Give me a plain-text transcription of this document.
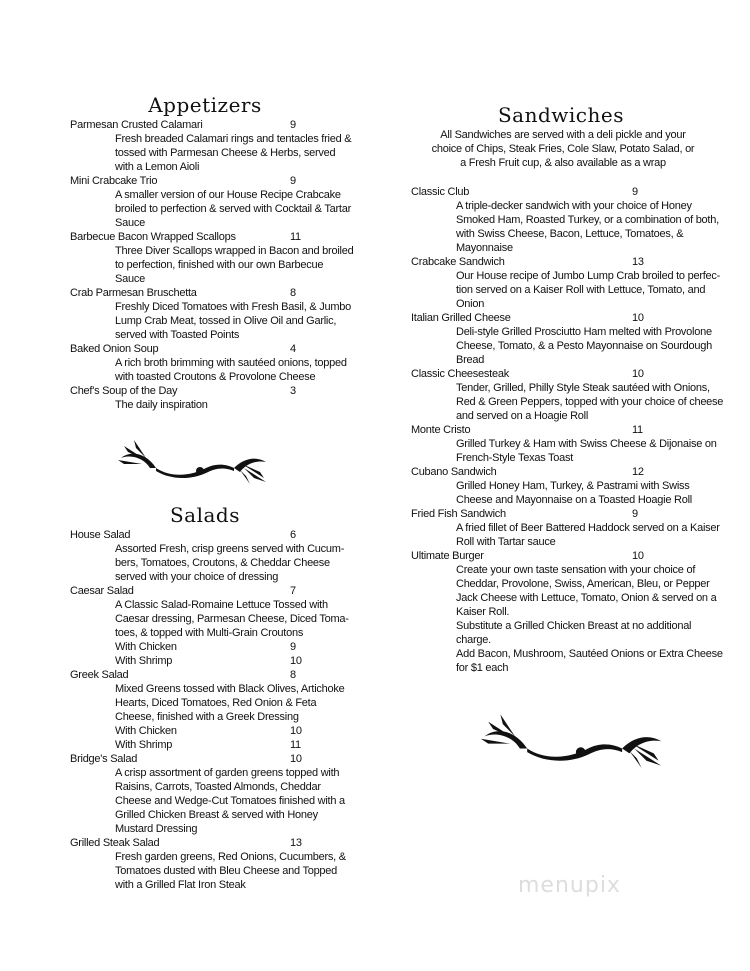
Appetizers
Parmesan Crusted Calamari	9
Fresh breaded Calamari rings and tentacles fried &
tossed with Parmesan Cheese & Herbs, served
with a Lemon Aioli
Mini Crabcake Trio	9
A smaller version of our House Recipe Crabcake
broiled to perfection & served with Cocktail & Tartar
Sauce
Barbecue Bacon Wrapped Scallops	11
Three Diver Scallops wrapped in Bacon and broiled
to perfection, finished with our own Barbecue
Sauce
Crab Parmesan Bruschetta	8
Freshly Diced Tomatoes with Fresh Basil, & Jumbo
Lump Crab Meat, tossed in Olive Oil and Garlic,
served with Toasted Points
Baked Onion Soup	4
A rich broth brimming with sautéed onions, topped
with toasted Croutons & Provolone Cheese
Chef's Soup of the Day	3
The daily inspiration
Salads
House Salad	6
Assorted Fresh, crisp greens served with Cucum-
bers, Tomatoes, Croutons, & Cheddar Cheese
served with your choice of dressing
Caesar Salad	7
A Classic Salad-Romaine Lettuce Tossed with
Caesar dressing, Parmesan Cheese, Diced Toma-
toes, & topped with Multi-Grain Croutons
With Chicken	9
With Shrimp	10
Greek Salad	8
Mixed Greens tossed with Black Olives, Artichoke
Hearts, Diced Tomatoes, Red Onion & Feta
Cheese, finished with a Greek Dressing
With Chicken	10
With Shrimp	11
Bridge's Salad	10
A crisp assortment of garden greens topped with
Raisins, Carrots, Toasted Almonds, Cheddar
Cheese and Wedge-Cut Tomatoes finished with a
Grilled Chicken Breast & served with Honey
Mustard Dressing
Grilled Steak Salad	13
Fresh garden greens, Red Onions, Cucumbers, &
Tomatoes dusted with Bleu Cheese and Topped
with a Grilled Flat Iron Steak
Sandwiches
All Sandwiches are served with a deli pickle and your
choice of Chips, Steak Fries, Cole Slaw, Potato Salad, or
a Fresh Fruit cup, & also available as a wrap
Classic Club	9
A triple-decker sandwich with your choice of Honey
Smoked Ham, Roasted Turkey, or a combination of both,
with Swiss Cheese, Bacon, Lettuce, Tomatoes, &
Mayonnaise
Crabcake Sandwich	13
Our House recipe of Jumbo Lump Crab broiled to perfec-
tion served on a Kaiser Roll with Lettuce, Tomato, and
Onion
Italian Grilled Cheese	10
Deli-style Grilled Prosciutto Ham melted with Provolone
Cheese, Tomato, & a Pesto Mayonnaise on Sourdough
Bread
Classic Cheesesteak	10
Tender, Grilled, Philly Style Steak sautéed with Onions,
Red & Green Peppers, topped with your choice of cheese
and served on a Hoagie Roll
Monte Cristo	11
Grilled Turkey & Ham with Swiss Cheese & Dijonaise on
French-Style Texas Toast
Cubano Sandwich	12
Grilled Honey Ham, Turkey, & Pastrami with Swiss
Cheese and Mayonnaise on a Toasted Hoagie Roll
Fried Fish Sandwich	9
A fried fillet of Beer Battered Haddock served on a Kaiser
Roll with Tartar sauce
Ultimate Burger	10
Create your own taste sensation with your choice of
Cheddar, Provolone, Swiss, American, Bleu, or Pepper
Jack Cheese with Lettuce, Tomato, Onion & served on a
Kaiser Roll.
Substitute a Grilled Chicken Breast at no additional
charge.
Add Bacon, Mushroom, Sautéed Onions or Extra Cheese
for $1 each
menupix
